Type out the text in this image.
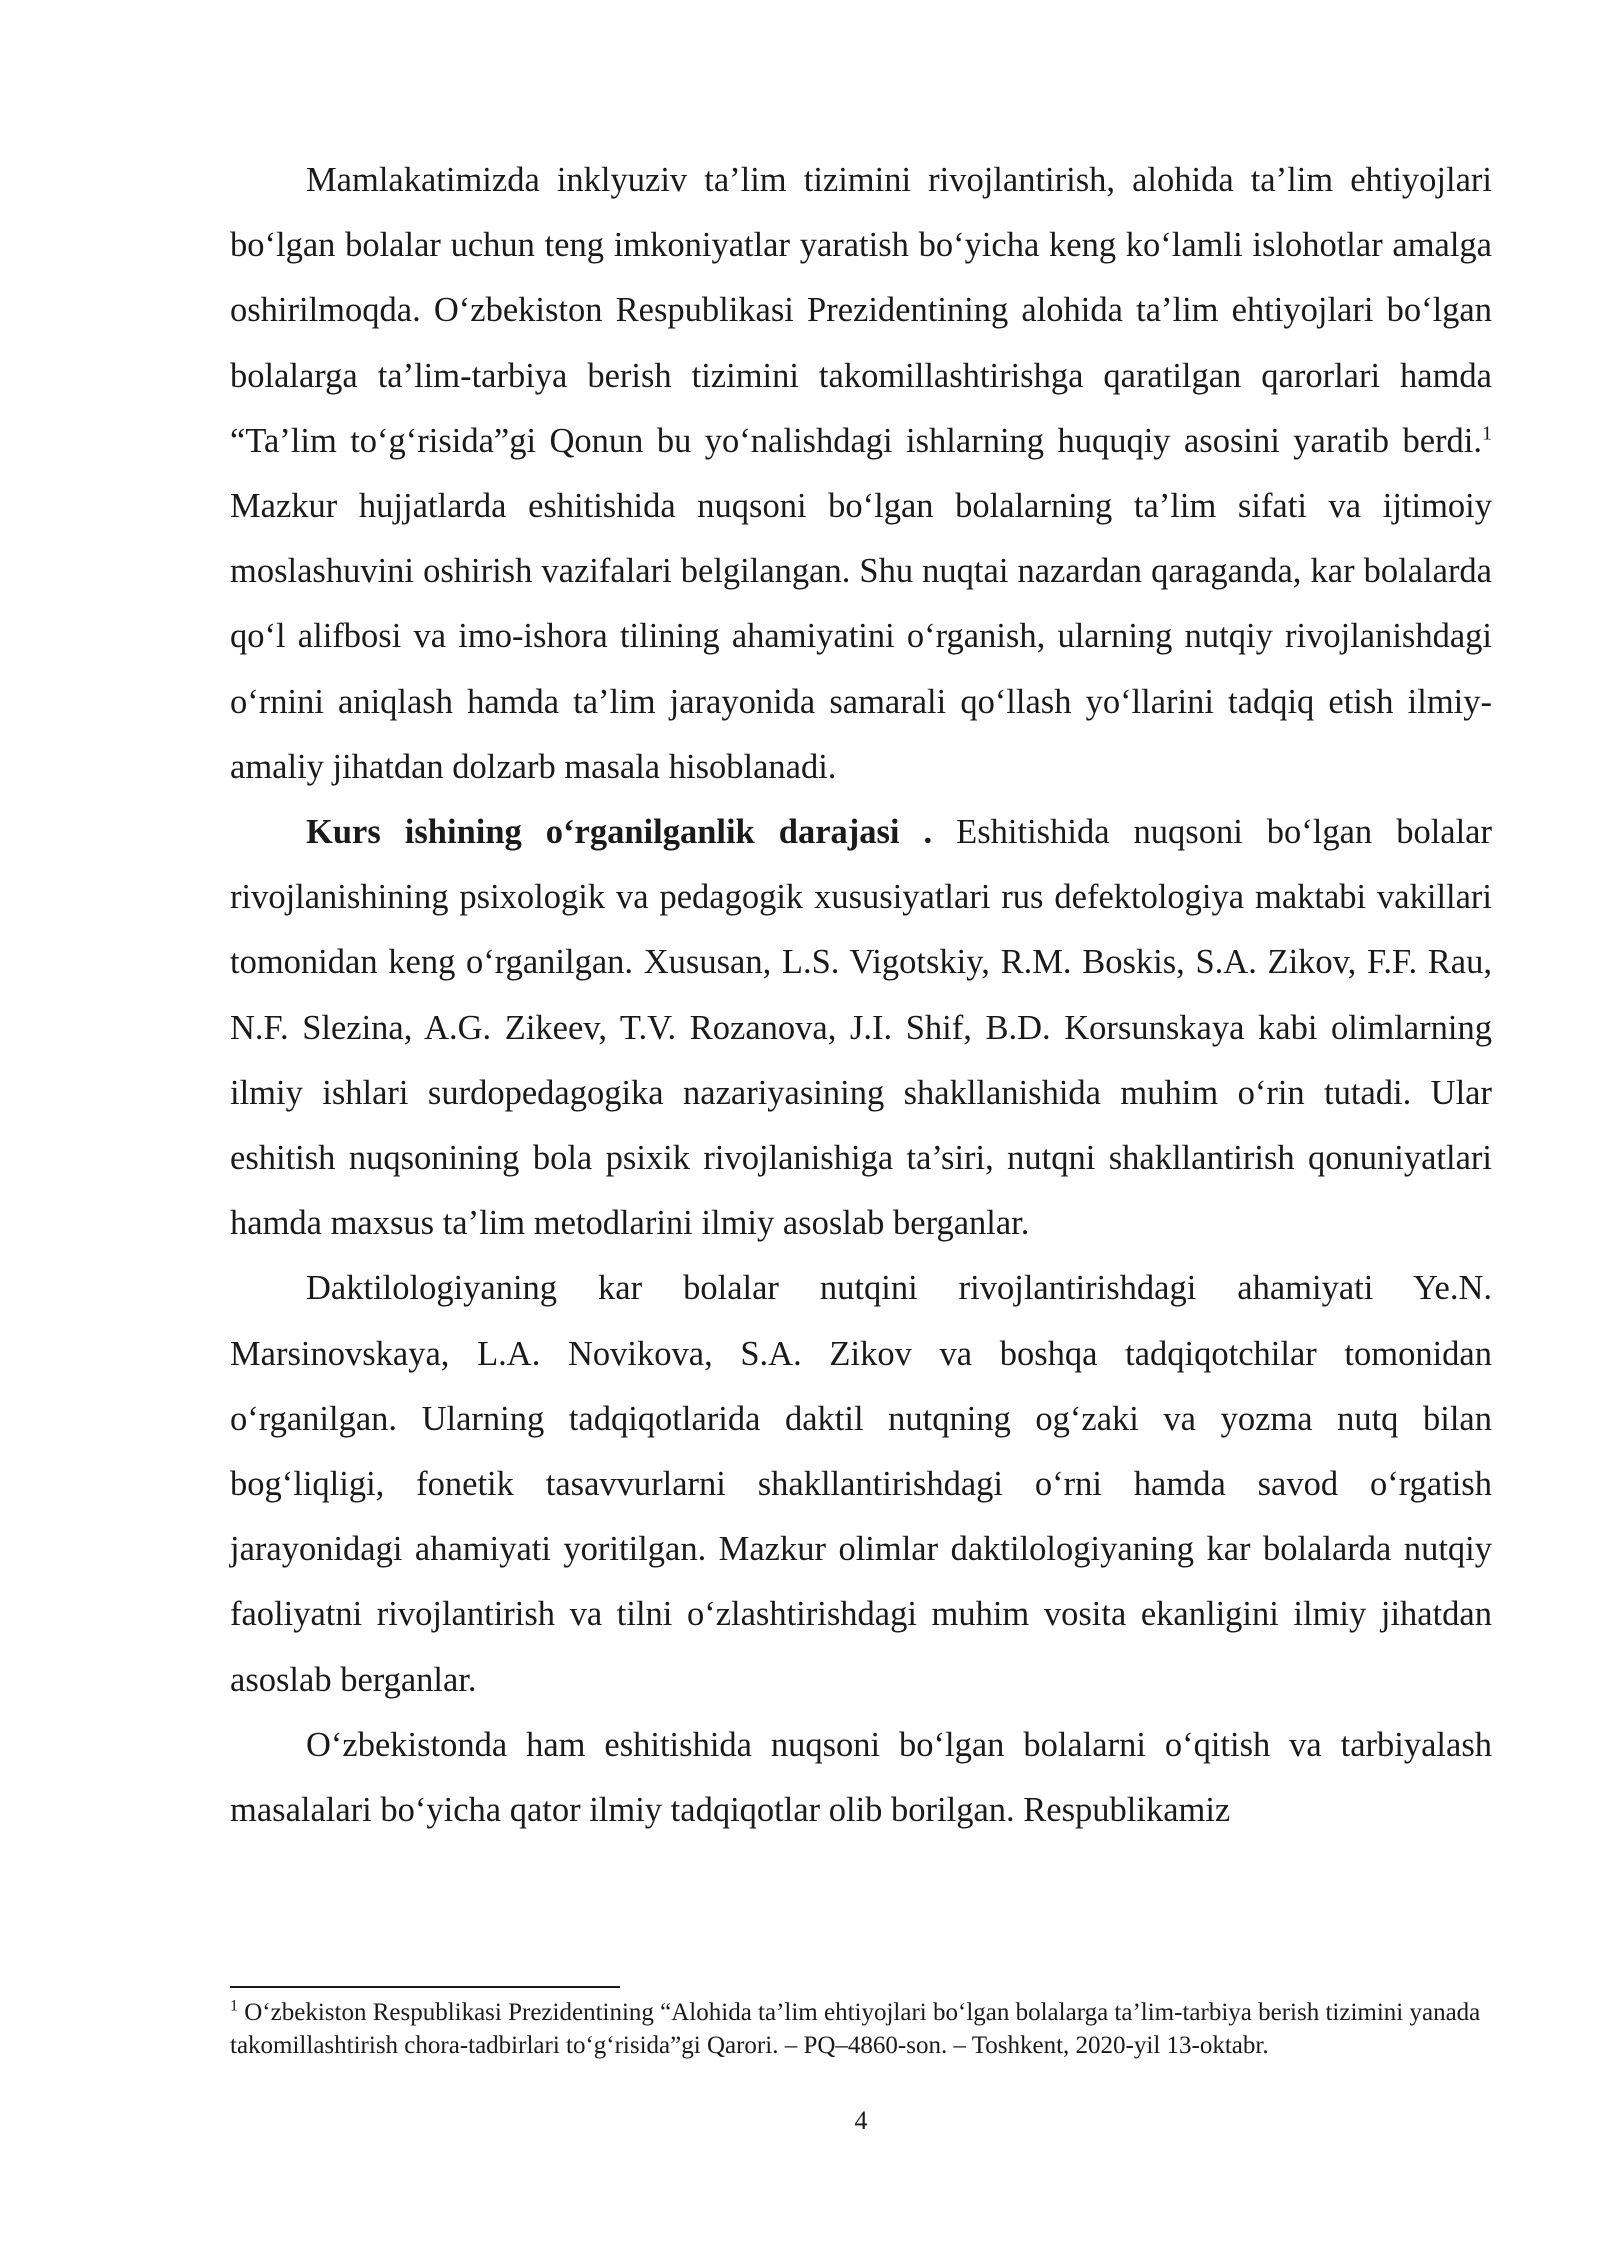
Mamlakatimizda inklyuziv ta’lim tizimini rivojlantirish, alohida ta’lim ehtiyojlari bo‘lgan bolalar uchun teng imkoniyatlar yaratish bo‘yicha keng ko‘lamli islohotlar amalga oshirilmoqda. O‘zbekiston Respublikasi Prezidentining alohida ta’lim ehtiyojlari bo‘lgan bolalarga ta’lim-tarbiya berish tizimini takomillashtirishga qaratilgan qarorlari hamda “Ta’lim to‘g‘risida”gi Qonun bu yo‘nalishdagi ishlarning huquqiy asosini yaratib berdi.$^1$ Mazkur hujjatlarda eshitishida nuqsoni bo‘lgan bolalarning ta’lim sifati va ijtimoiy moslashuvini oshirish vazifalari belgilangan. Shu nuqtai nazardan qaraganda, kar bolalarda qo‘l alifbosi va imo-ishora tilining ahamiyatini o‘rganish, ularning nutqiy rivojlanishdagi o‘rnini aniqlash hamda ta’lim jarayonida samarali qo‘llash yo‘llarini tadqiq etish ilmiy-amaliy jihatdan dolzarb masala hisoblanadi.

Kurs ishining o‘rganilganlik darajasi . Eshitishida nuqsoni bo‘lgan bolalar rivojlanishining psixologik va pedagogik xususiyatlari rus defektologiya maktabi vakillari tomonidan keng o‘rganilgan. Xususan, L.S. Vigotskiy, R.M. Boskis, S.A. Zikov, F.F. Rau, N.F. Slezina, A.G. Zikeev, T.V. Rozanova, J.I. Shif, B.D. Korsunskaya kabi olimlarning ilmiy ishlari surdopedagogika nazariyasining shakllanishida muhim o‘rin tutadi. Ular eshitish nuqsonining bola psixik rivojlanishiga ta’siri, nutqni shakllantirish qonuniyatlari hamda maxsus ta’lim metodlarini ilmiy asoslab berganlar.

Daktilologiyaning kar bolalar nutqini rivojlantirishdagi ahamiyati Ye.N. Marsinovskaya, L.A. Novikova, S.A. Zikov va boshqa tadqiqotchilar tomonidan o‘rganilgan. Ularning tadqiqotlarida daktil nutqning og‘zaki va yozma nutq bilan bog‘liqligi, fonetik tasavvurlarni shakllantirishdagi o‘rni hamda savod o‘rgatish jarayonidagi ahamiyati yoritilgan. Mazkur olimlar daktilologiyaning kar bolalarda nutqiy faoliyatni rivojlantirish va tilni o‘zlashtirishdagi muhim vosita ekanligini ilmiy jihatdan asoslab berganlar.

O‘zbekistonda ham eshitishida nuqsoni bo‘lgan bolalarni o‘qitish va tarbiyalash masalalari bo‘yicha qator ilmiy tadqiqotlar olib borilgan. Respublikamiz

$^1$ O‘zbekiston Respublikasi Prezidentining “Alohida ta’lim ehtiyojlari bo‘lgan bolalarga ta’lim-tarbiya berish tizimini yanada takomillashtirish chora-tadbirlari to‘g‘risida”gi Qarori. – PQ–4860-son. – Toshkent, 2020-yil 13-oktabr.

4
